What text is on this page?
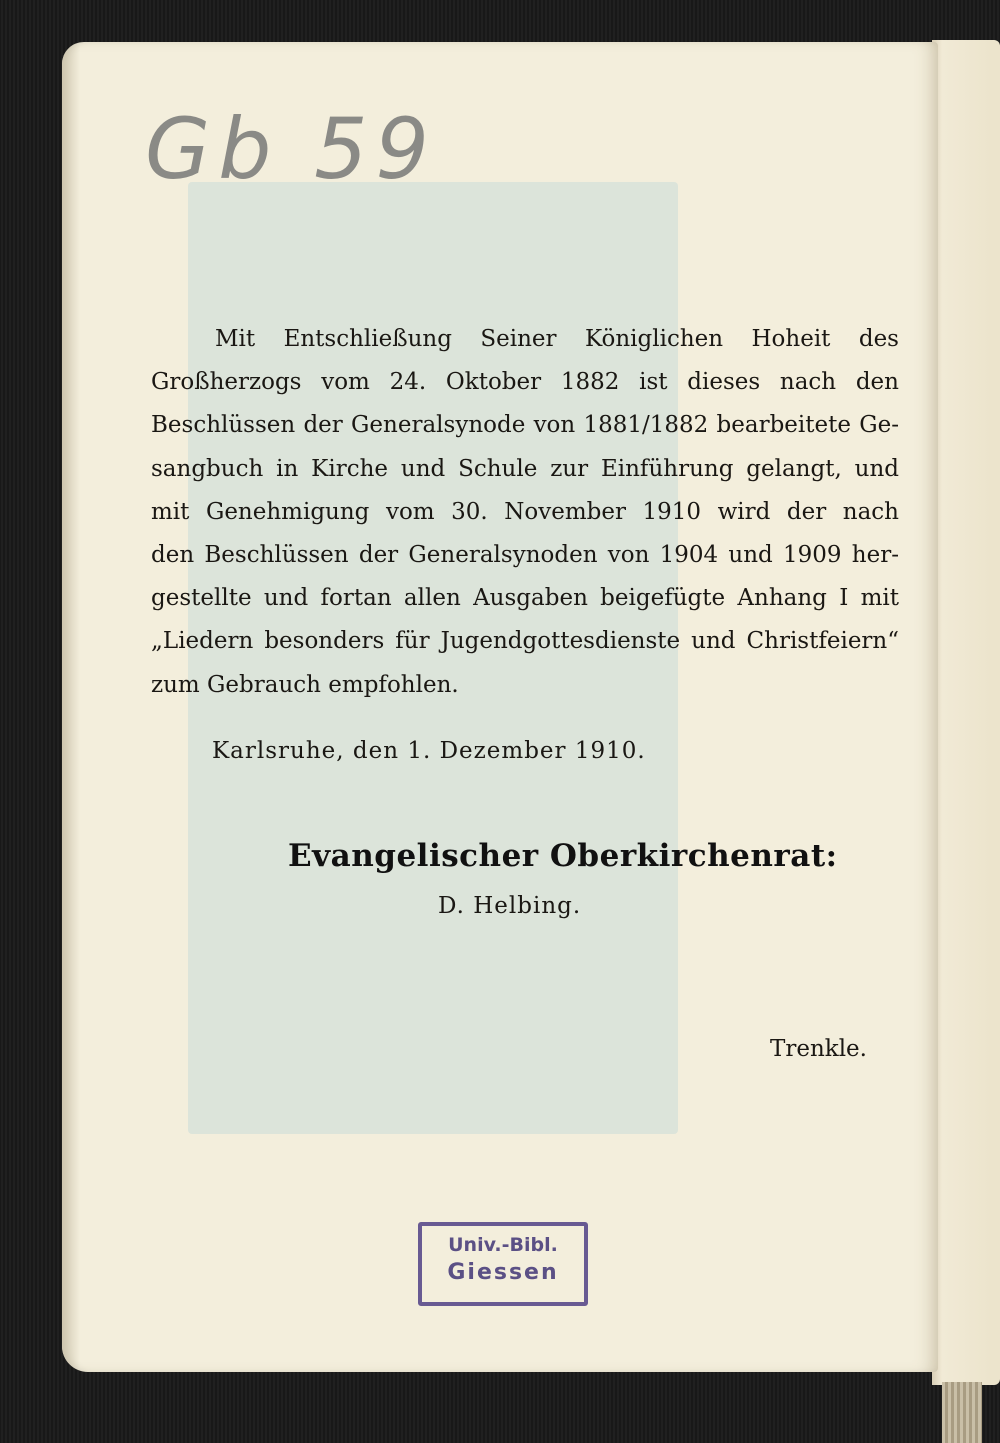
Gb 59

Mit Entschließung Seiner Königlichen Hoheit des
Großherzogs vom 24. Oktober 1882 ist dieses nach den
Beschlüssen der Generalsynode von 1881/1882 bearbeitete Ge-
sangbuch in Kirche und Schule zur Einführung gelangt, und
mit Genehmigung vom 30. November 1910 wird der nach
den Beschlüssen der Generalsynoden von 1904 und 1909 her-
gestellte und fortan allen Ausgaben beigefügte Anhang I mit
„Liedern besonders für Jugendgottesdienste und Christfeiern“
zum Gebrauch empfohlen.

Karlsruhe, den 1. Dezember 1910.
Evangelischer Oberkirchenrat:
D. Helbing.
Trenkle.
Univ.-Bibl.
Giessen
